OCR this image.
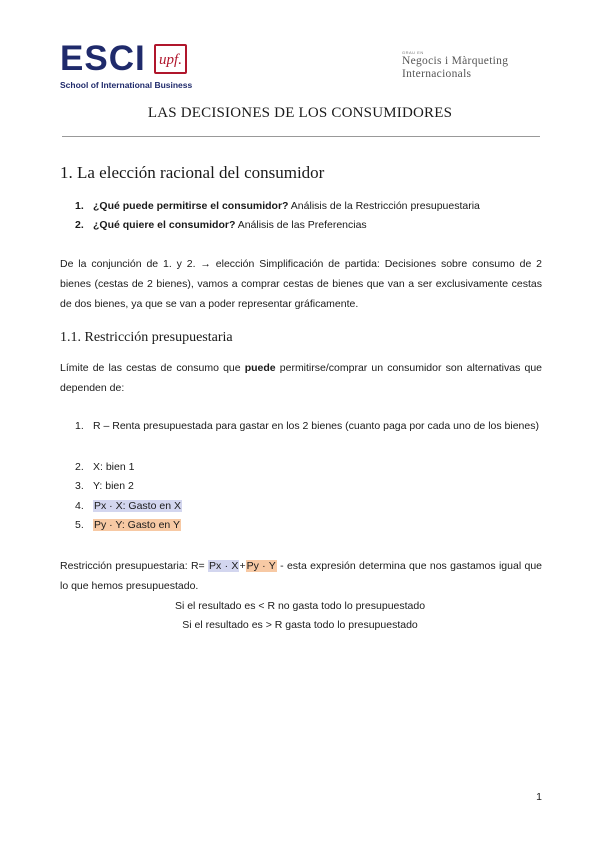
ESCI upf.
School of International Business
GRAU EN
Negocis i Màrqueting
Internacionals
LAS DECISIONES DE LOS CONSUMIDORES
1. La elección racional del consumidor
1. ¿Qué puede permitirse el consumidor? Análisis de la Restricción presupuestaria
2. ¿Qué quiere el consumidor? Análisis de las Preferencias
De la conjunción de 1. y 2. → elección Simplificación de partida: Decisiones sobre consumo de 2 bienes (cestas de 2 bienes), vamos a comprar cestas de bienes que van a ser exclusivamente cestas de dos bienes, ya que se van a poder representar gráficamente.
1.1. Restricción presupuestaria
Límite de las cestas de consumo que puede permitirse/comprar un consumidor son alternativas que dependen de:
1. R – Renta presupuestada para gastar en los 2 bienes (cuanto paga por cada uno de los bienes)
2. X: bien 1
3. Y: bien 2
4. Px · X: Gasto en X
5. Py · Y: Gasto en Y
Restricción presupuestaria: R= Px · X+Py · Y - esta expresión determina que nos gastamos igual que lo que hemos presupuestado.
Si el resultado es < R no gasta todo lo presupuestado
Si el resultado es > R gasta todo lo presupuestado
1
